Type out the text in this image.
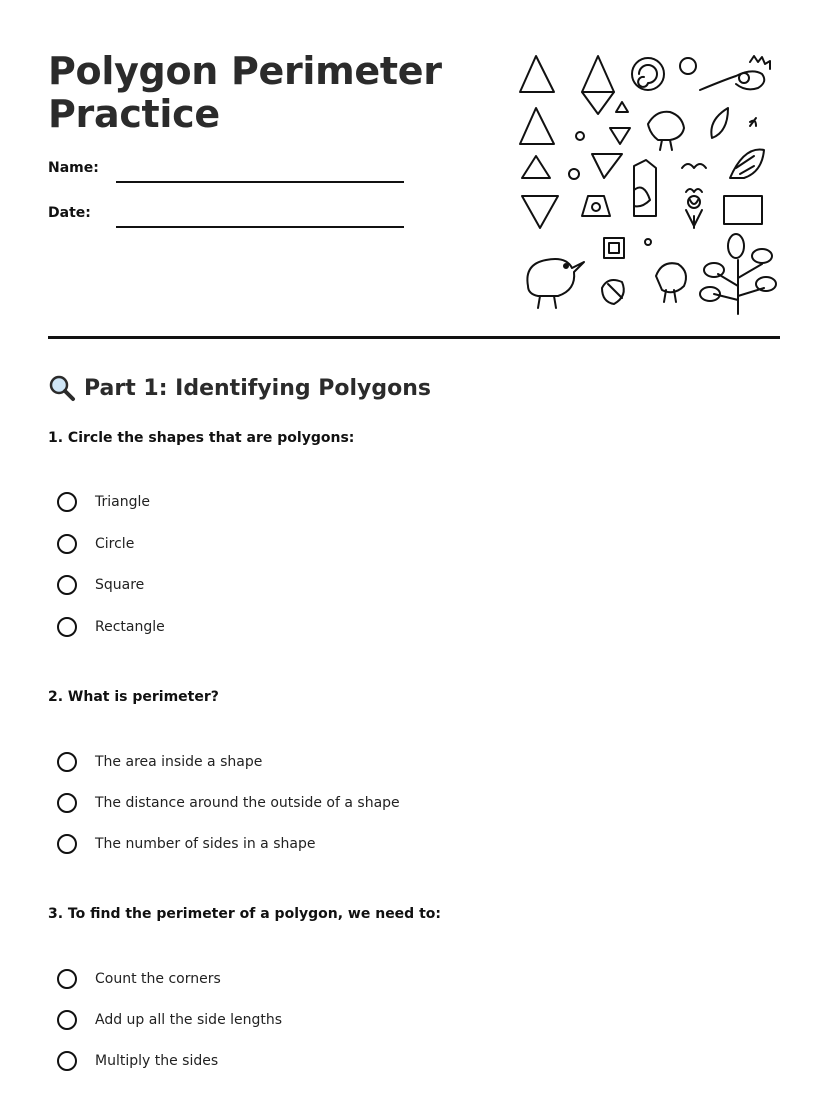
Polygon Perimeter
Practice
Name:
Date:
Part 1: Identifying Polygons

1. Circle the shapes that are polygons:

Triangle
Circle
Square
Rectangle

2. What is perimeter?

The area inside a shape
The distance around the outside of a shape
The number of sides in a shape

3. To find the perimeter of a polygon, we need to:

Count the corners
Add up all the side lengths
Multiply the sides
